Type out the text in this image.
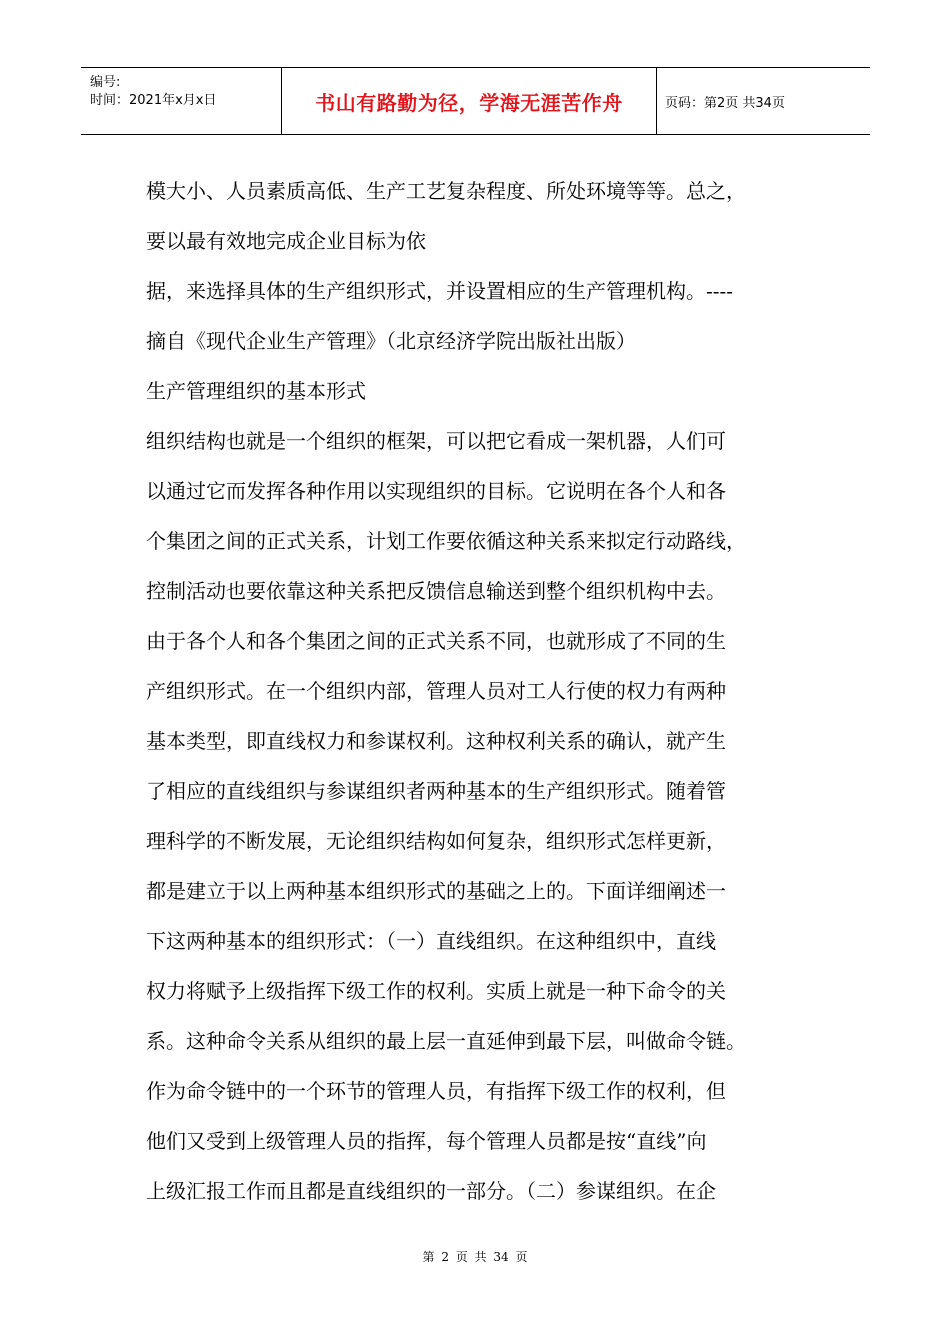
编号:
时间：2021年x月x日	书山有路勤为径，学海无涯苦作舟	页码：第2页 共34页

模大小、人员素质高低、生产工艺复杂程度、所处环境等等。总之，

要以最有效地完成企业目标为依

据，来选择具体的生产组织形式，并设置相应的生产管理机构。----

摘自《现代企业生产管理》（北京经济学院出版社出版）

生产管理组织的基本形式

组织结构也就是一个组织的框架，可以把它看成一架机器，人们可

以通过它而发挥各种作用以实现组织的目标。它说明在各个人和各

个集团之间的正式关系，计划工作要依循这种关系来拟定行动路线，

控制活动也要依靠这种关系把反馈信息输送到整个组织机构中去。

由于各个人和各个集团之间的正式关系不同，也就形成了不同的生

产组织形式。在一个组织内部，管理人员对工人行使的权力有两种

基本类型，即直线权力和参谋权利。这种权利关系的确认，就产生

了相应的直线组织与参谋组织者两种基本的生产组织形式。随着管

理科学的不断发展，无论组织结构如何复杂，组织形式怎样更新，

都是建立于以上两种基本组织形式的基础之上的。下面详细阐述一

下这两种基本的组织形式：（一）直线组织。在这种组织中，直线

权力将赋予上级指挥下级工作的权利。实质上就是一种下命令的关

系。这种命令关系从组织的最上层一直延伸到最下层，叫做命令链。

作为命令链中的一个环节的管理人员，有指挥下级工作的权利，但

他们又受到上级管理人员的指挥，每个管理人员都是按“直线”向

上级汇报工作而且都是直线组织的一部分。（二）参谋组织。在企

第 2 页 共 34 页
